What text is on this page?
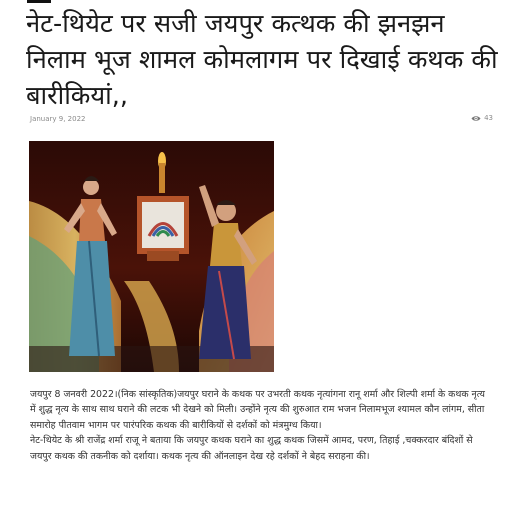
नेट-थियेट पर सजी जयपुर कत्थक की झनझन निलाम भूज शामल कोमलागम पर दिखाई कथक की बारीकियां,,
January 9, 2022	43

जयपुर 8 जनवरी 2022।(निक सांस्कृतिक)जयपुर घराने के कथक पर उभरती कथक नृत्यांगना रानू शर्मा और शिल्पी शर्मा के कथक नृत्य में शुद्ध नृत्य के साथ साथ घराने की लटक भी देखने को मिली। उन्होंने नृत्य की शुरुआत राम भजन निलामभूज श्यामल कौन लांगम, सीता समारोह पीतवाम भागम पर पारंपरिक कथक की बारीकियों से दर्शकों को मंत्रमुग्ध किया।

नेट-थियेट के श्री राजेंद्र शर्मा राजू ने बताया कि जयपुर कथक घराने का शुद्ध कथक जिसमें आमद, परण, तिहाई ,चक्करदार बंदिशों से जयपुर कथक की तकनीक को दर्शाया। कथक नृत्य की ऑनलाइन देख रहे दर्शकों ने बेहद सराहना की।
